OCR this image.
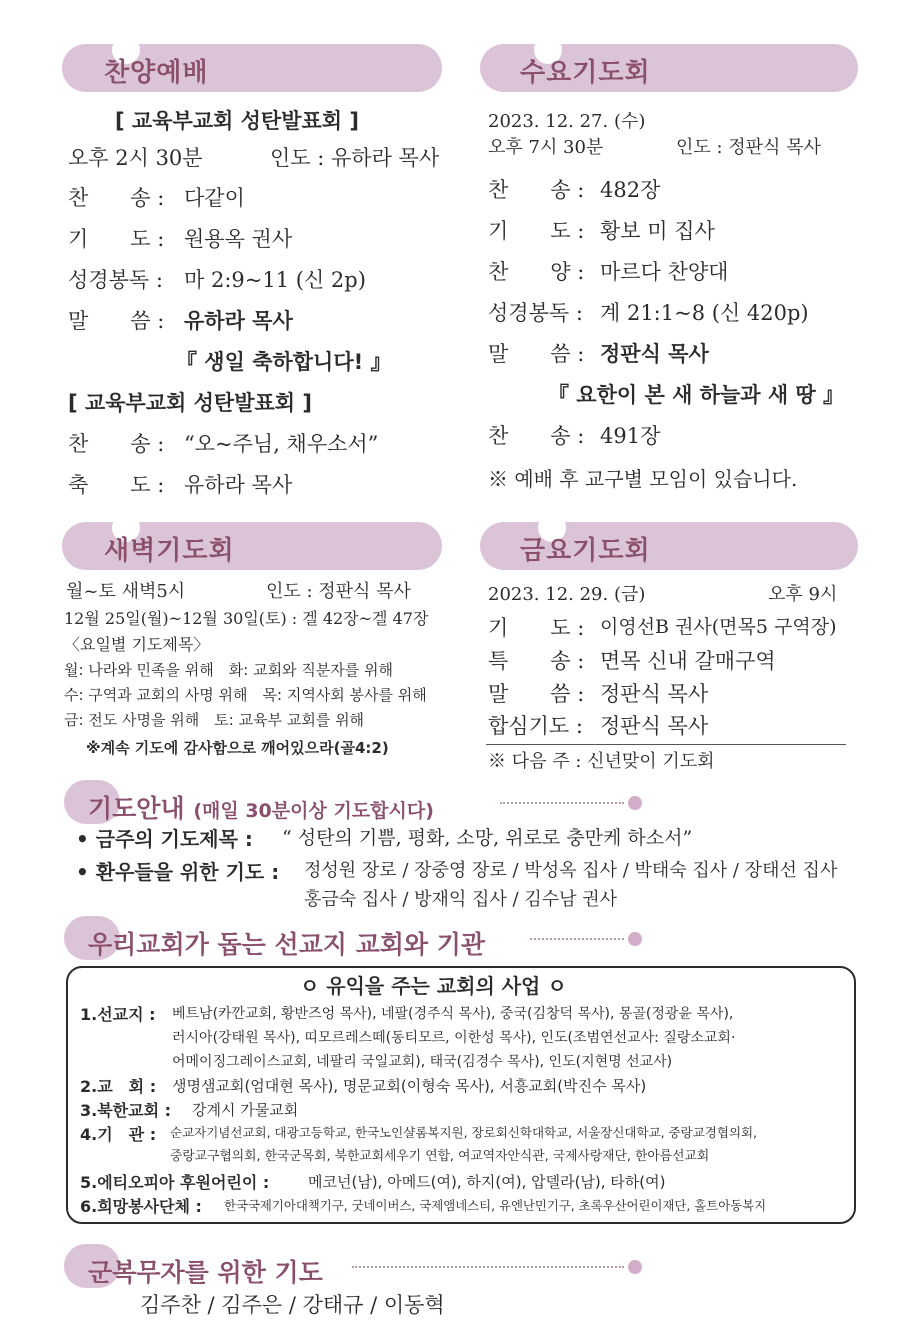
찬양예배
[ 교육부교회 성탄발표회 ]
오후 2시 30분	인도 : 유하라 목사
찬　　송 : 다같이
기　　도 : 원용옥 권사
성경봉독 : 마 2:9~11 (신 2p)
말　　씀 : 유하라 목사
『 생일 축하합니다! 』
[ 교육부교회 성탄발표회 ]
찬　　송 : “오~주님, 채우소서”
축　　도 : 유하라 목사
수요기도회
2023. 12. 27. (수)
오후 7시 30분	인도 : 정판식 목사
찬　　송 : 482장
기　　도 : 황보 미 집사
찬　　양 : 마르다 찬양대
성경봉독 : 계 21:1~8 (신 420p)
말　　씀 : 정판식 목사
『 요한이 본 새 하늘과 새 땅 』
찬　　송 : 491장
※ 예배 후 교구별 모임이 있습니다.
새벽기도회
월~토 새벽5시	인도 : 정판식 목사
12월 25일(월)~12월 30일(토) : 겔 42장~겔 47장
〈요일별 기도제목〉
월: 나라와 민족을 위해　화: 교회와 직분자를 위해
수: 구역과 교회의 사명 위해　목: 지역사회 봉사를 위해
금: 전도 사명을 위해　토: 교육부 교회를 위해
※계속 기도에 감사함으로 깨어있으라(골4:2)
금요기도회
2023. 12. 29. (금)	오후 9시
기　　도 : 이영선B 권사(면목5 구역장)
특　　송 : 면목 신내 갈매구역
말　　씀 : 정판식 목사
합심기도 : 정판식 목사
※ 다음 주 : 신년맞이 기도회
기도안내 (매일 30분이상 기도합시다)
• 금주의 기도제목 : “ 성탄의 기쁨, 평화, 소망, 위로로 충만케 하소서”
• 환우들을 위한 기도 : 정성원 장로 / 장중영 장로 / 박성옥 집사 / 박태숙 집사 / 장태선 집사
홍금숙 집사 / 방재익 집사 / 김수남 권사
우리교회가 돕는 선교지 교회와 기관
ㅇ 유익을 주는 교회의 사업 ㅇ
1.선교지 : 베트남(카깐교회, 황반즈엉 목사), 네팔(경주식 목사), 중국(김창덕 목사), 몽골(정광윤 목사),
러시아(강태원 목사), 띠모르레스떼(동티모르, 이한성 목사), 인도(조범연선교사: 질랑소교회·
어메이징그레이스교회, 네팔리 국일교회), 태국(김경수 목사), 인도(지현명 선교사)
2.교　회 : 생명샘교회(엄대현 목사), 명문교회(이형숙 목사), 서흥교회(박진수 목사)
3.북한교회 : 강계시 가물교회
4.기　관 : 순교자기념선교회, 대광고등학교, 한국노인샬롬복지원, 장로회신학대학교, 서울장신대학교, 중랑교경협의회,
중랑교구협의회, 한국군목회, 북한교회세우기 연합, 여교역자안식관, 국제사랑재단, 한아름선교회
5.에티오피아 후원어린이 :	메코넌(남), 아메드(여), 하지(여), 압델라(남), 타하(여)
6.희망봉사단체 : 한국국제기아대책기구, 굿네이버스, 국제앰네스티, 유엔난민기구, 초록우산어린이재단, 홀트아동복지
군복무자를 위한 기도
김주찬 / 김주은 / 강태규 / 이동혁
